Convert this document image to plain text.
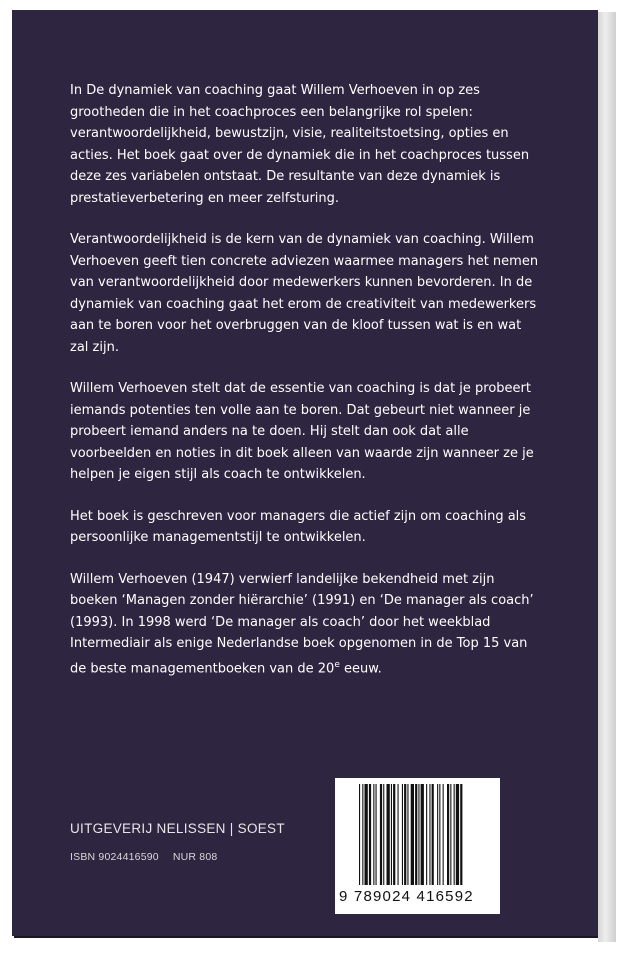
In De dynamiek van coaching gaat Willem Verhoeven in op zes grootheden die in het coachproces een belangrijke rol spelen: verantwoordelijkheid, bewustzijn, visie, realiteitstoetsing, opties en acties. Het boek gaat over de dynamiek die in het coachproces tussen deze zes variabelen ontstaat. De resultante van deze dynamiek is prestatieverbetering en meer zelfsturing.

Verantwoordelijkheid is de kern van de dynamiek van coaching. Willem Verhoeven geeft tien concrete adviezen waarmee managers het nemen van verantwoordelijkheid door medewerkers kunnen bevorderen. In de dynamiek van coaching gaat het erom de creativiteit van medewerkers aan te boren voor het overbruggen van de kloof tussen wat is en wat zal zijn.

Willem Verhoeven stelt dat de essentie van coaching is dat je probeert iemands potenties ten volle aan te boren. Dat gebeurt niet wanneer je probeert iemand anders na te doen. Hij stelt dan ook dat alle voorbeelden en noties in dit boek alleen van waarde zijn wanneer ze je helpen je eigen stijl als coach te ontwikkelen.

Het boek is geschreven voor managers die actief zijn om coaching als persoonlijke managementstijl te ontwikkelen.

Willem Verhoeven (1947) verwierf landelijke bekendheid met zijn boeken ‘Managen zonder hiërarchie’ (1991) en ‘De manager als coach’ (1993). In 1998 werd ‘De manager als coach’ door het weekblad Intermediair als enige Nederlandse boek opgenomen in de Top 15 van de beste managementboeken van de 20e eeuw.

UITGEVERIJ NELISSEN | SOEST
ISBN 9024416590 NUR 808
9 789024 416592
